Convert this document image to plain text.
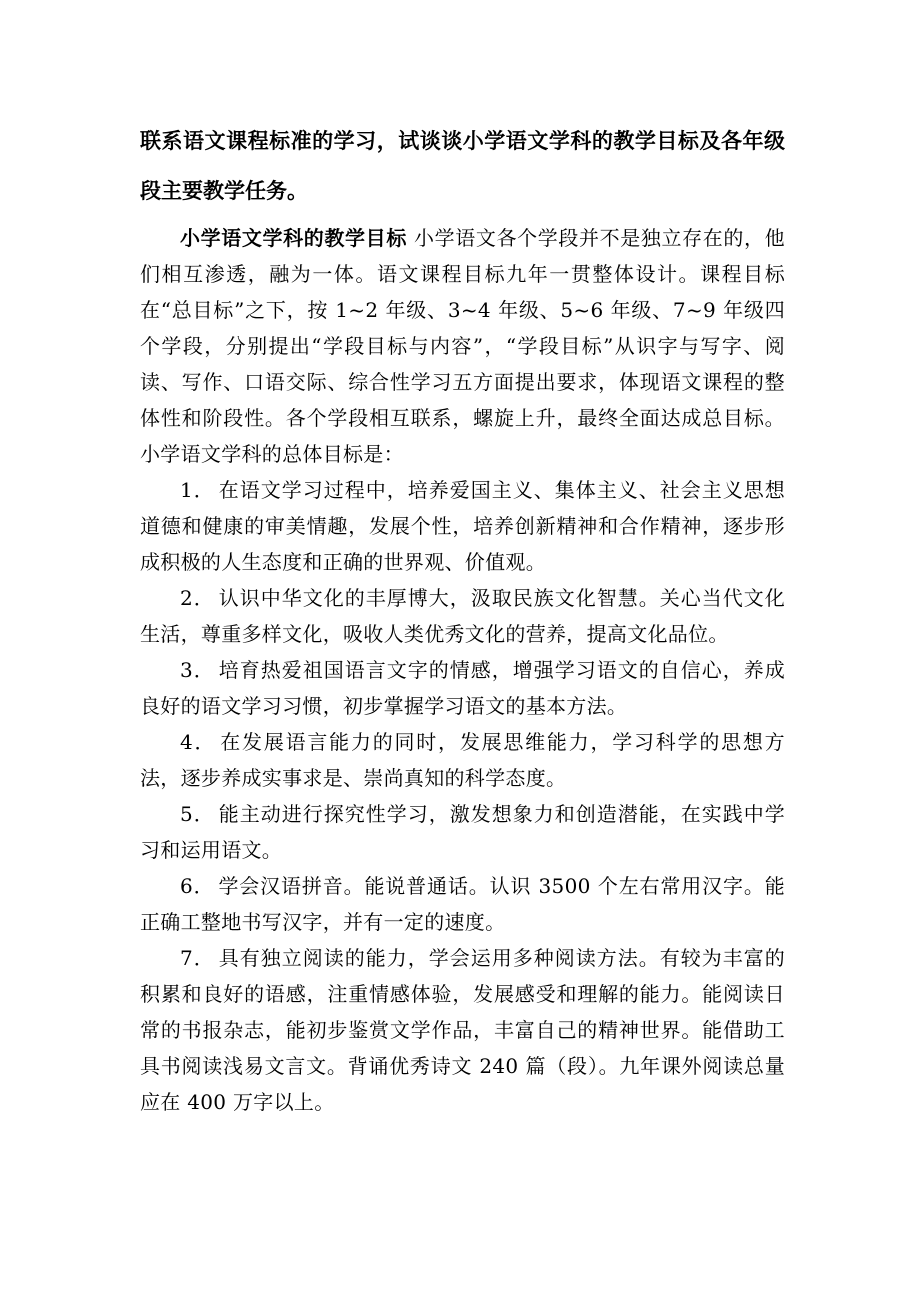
联系语文课程标准的学习，试谈谈小学语文学科的教学目标及各年级段主要教学任务。

小学语文学科的教学目标 小学语文各个学段并不是独立存在的，他们相互渗透，融为一体。语文课程目标九年一贯整体设计。课程目标在“总目标”之下，按 1~2 年级、3~4 年级、5~6 年级、7~9 年级四个学段，分别提出“学段目标与内容”，“学段目标”从识字与写字、阅读、写作、口语交际、综合性学习五方面提出要求，体现语文课程的整体性和阶段性。各个学段相互联系，螺旋上升，最终全面达成总目标。小学语文学科的总体目标是：

1． 在语文学习过程中，培养爱国主义、集体主义、社会主义思想道德和健康的审美情趣，发展个性，培养创新精神和合作精神，逐步形成积极的人生态度和正确的世界观、价值观。

2． 认识中华文化的丰厚博大，汲取民族文化智慧。关心当代文化生活，尊重多样文化，吸收人类优秀文化的营养，提高文化品位。

3． 培育热爱祖国语言文字的情感，增强学习语文的自信心，养成良好的语文学习习惯，初步掌握学习语文的基本方法。

4． 在发展语言能力的同时，发展思维能力，学习科学的思想方法，逐步养成实事求是、崇尚真知的科学态度。

5． 能主动进行探究性学习，激发想象力和创造潜能，在实践中学习和运用语文。

6． 学会汉语拼音。能说普通话。认识 3500 个左右常用汉字。能正确工整地书写汉字，并有一定的速度。

7． 具有独立阅读的能力，学会运用多种阅读方法。有较为丰富的积累和良好的语感，注重情感体验，发展感受和理解的能力。能阅读日常的书报杂志，能初步鉴赏文学作品，丰富自己的精神世界。能借助工具书阅读浅易文言文。背诵优秀诗文 240 篇（段）。九年课外阅读总量应在 400 万字以上。
